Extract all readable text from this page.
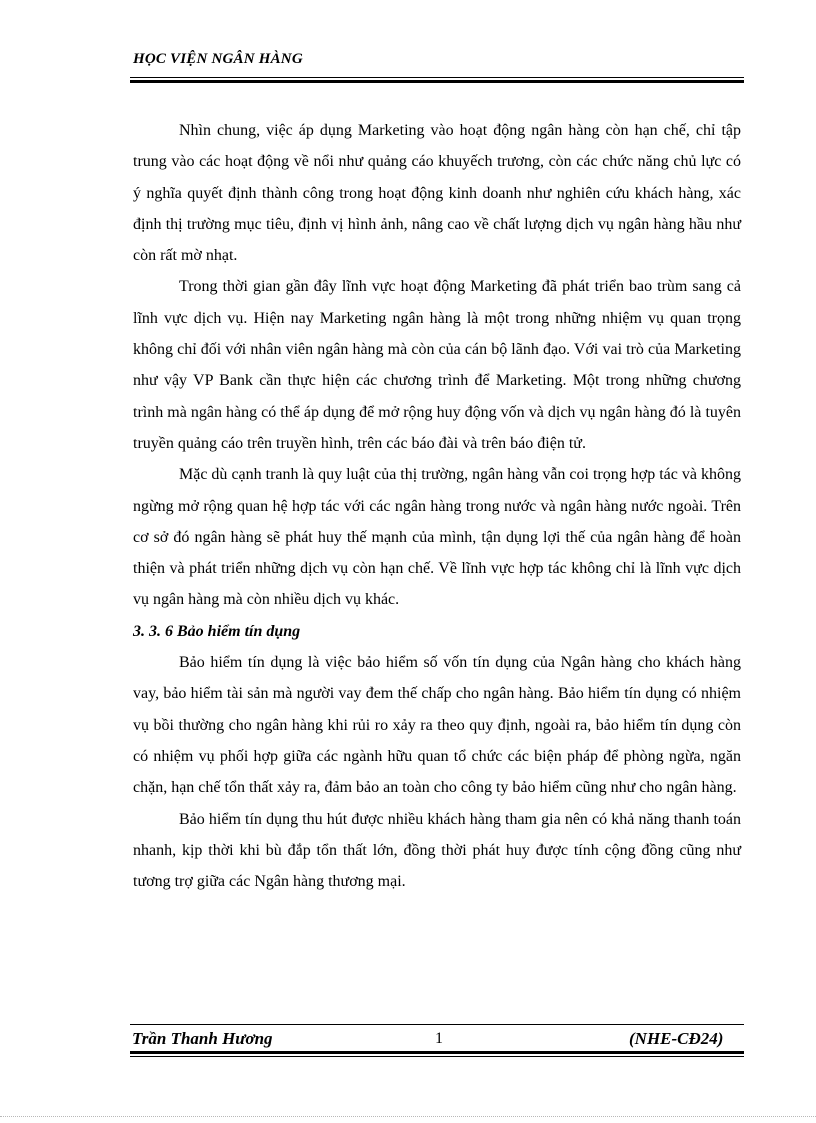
HỌC VIỆN NGÂN HÀNG

Nhìn chung, việc áp dụng Marketing vào hoạt động ngân hàng còn hạn chế, chỉ tập trung vào các hoạt động về nổi như quảng cáo khuyếch trương, còn các chức năng chủ lực có ý nghĩa quyết định thành công trong hoạt động kinh doanh như nghiên cứu khách hàng, xác định thị trường mục tiêu, định vị hình ảnh, nâng cao về chất lượng dịch vụ ngân hàng hầu như còn rất mờ nhạt.

Trong thời gian gần đây lĩnh vực hoạt động Marketing đã phát triển bao trùm sang cả lĩnh vực dịch vụ. Hiện nay Marketing ngân hàng là một trong những nhiệm vụ quan trọng không chỉ đối với nhân viên ngân hàng mà còn của cán bộ lãnh đạo. Với vai trò của Marketing như vậy VP Bank cần thực hiện các chương trình để Marketing. Một trong những chương trình mà ngân hàng có thể áp dụng để mở rộng huy động vốn và dịch vụ ngân hàng đó là tuyên truyền quảng cáo trên truyền hình, trên các báo đài và trên báo điện tử.

Mặc dù cạnh tranh là quy luật của thị trường, ngân hàng vẫn coi trọng hợp tác và không ngừng mở rộng quan hệ hợp tác với các ngân hàng trong nước và ngân hàng nước ngoài. Trên cơ sở đó ngân hàng sẽ phát huy thế mạnh của mình, tận dụng lợi thế của ngân hàng để hoàn thiện và phát triển những dịch vụ còn hạn chế. Về lĩnh vực hợp tác không chỉ là lĩnh vực dịch vụ ngân hàng mà còn nhiều dịch vụ khác.

3. 3. 6 Bảo hiểm tín dụng

Bảo hiểm tín dụng là việc bảo hiểm số vốn tín dụng của Ngân hàng cho khách hàng vay, bảo hiểm tài sản mà người vay đem thế chấp cho ngân hàng. Bảo hiểm tín dụng có nhiệm vụ bồi thường cho ngân hàng khi rủi ro xảy ra theo quy định, ngoài ra, bảo hiểm tín dụng còn có nhiệm vụ phối hợp giữa các ngành hữu quan tổ chức các biện pháp để phòng ngừa, ngăn chặn, hạn chế tổn thất xảy ra, đảm bảo an toàn cho công ty bảo hiểm cũng như cho ngân hàng.

Bảo hiểm tín dụng thu hút được nhiều khách hàng tham gia nên có khả năng thanh toán nhanh, kịp thời khi bù đắp tổn thất lớn, đồng thời phát huy được tính cộng đồng cũng như tương trợ giữa các Ngân hàng thương mại.

Trần Thanh Hương	1	(NHE-CĐ24)
